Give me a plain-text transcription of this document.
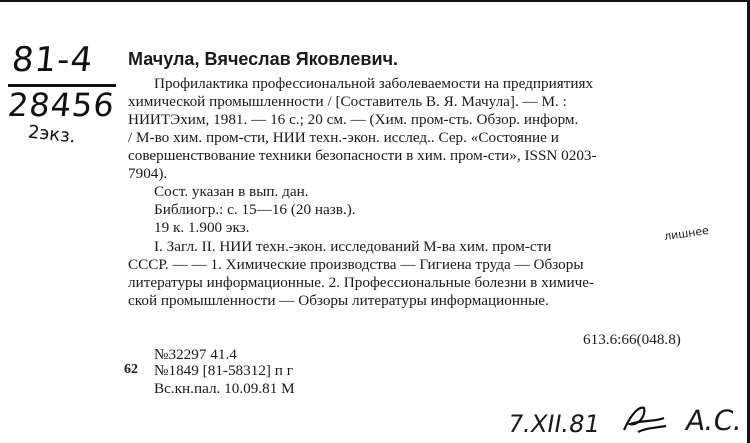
81-4
28456
2экз.
Мачула, Вячеслав Яковлевич.
Профилактика профессиональной заболеваемости на предприятиях
химической промышленности / [Составитель В. Я. Мачула]. — М. :
НИИТЭхим, 1981. — 16 с.; 20 см. — (Хим. пром-сть. Обзор. информ.
/ М-во хим. пром-сти, НИИ техн.-экон. исслед.. Сер. «Состояние и
совершенствование техники безопасности в хим. пром-сти», ISSN 0203-
7904).
Сост. указан в вып. дан.
Библиогр.: с. 15—16 (20 назв.).
19 к. 1.900 экз.	лишнее
I. Загл. II. НИИ техн.-экон. исследований М-ва хим. пром-сти
СССР. — — 1. Химические производства — Гигиена труда — Обзоры
литературы информационные. 2. Профессиональные болезни в химиче-
ской промышленности — Обзоры литературы информационные.
613.6:66(048.8)
№32297 41.4
62 №1849 [81-58312] п г
Вс.кн.пал. 10.09.81 М
7.XII.81	A.C.
